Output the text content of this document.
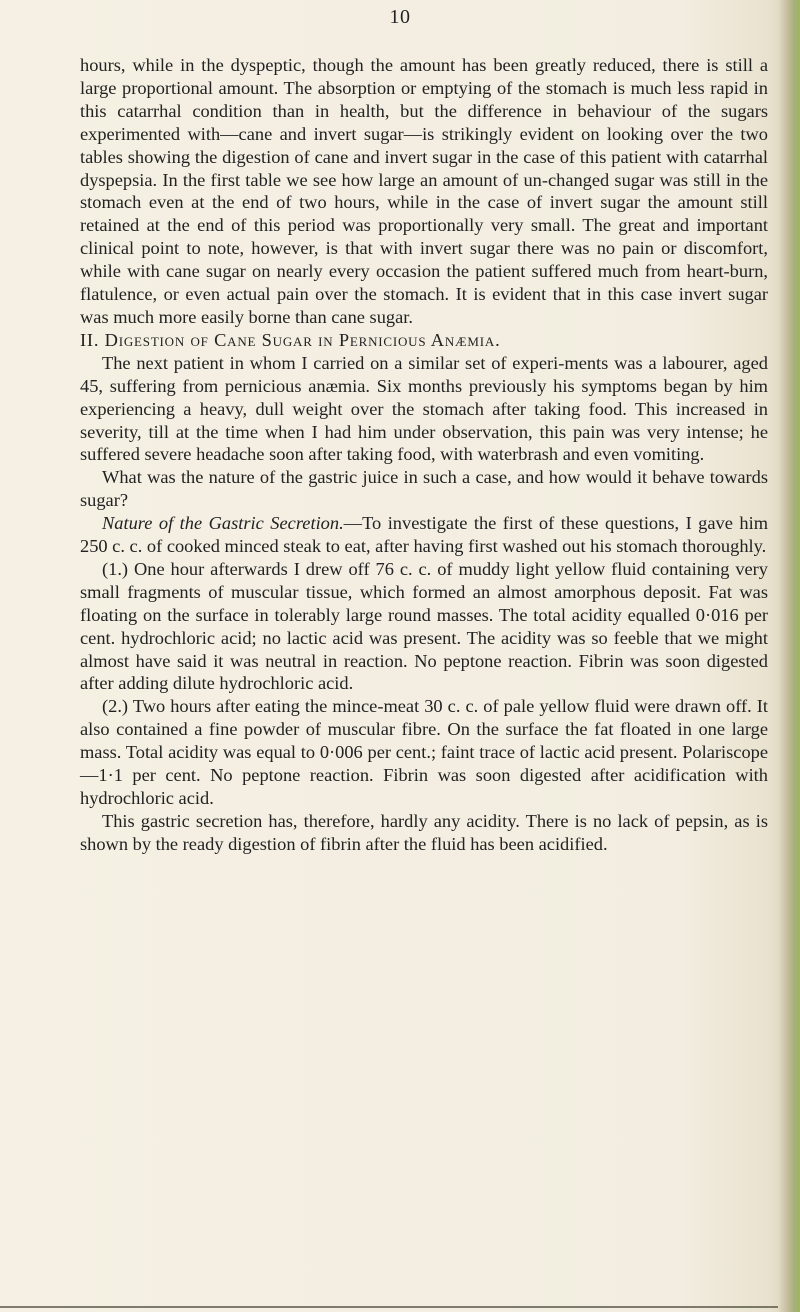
10

hours, while in the dyspeptic, though the amount has been greatly reduced, there is still a large proportional amount. The absorption or emptying of the stomach is much less rapid in this catarrhal condition than in health, but the difference in behaviour of the sugars experimented with—cane and invert sugar—is strikingly evident on looking over the two tables showing the digestion of cane and invert sugar in the case of this patient with catarrhal dyspepsia. In the first table we see how large an amount of un-changed sugar was still in the stomach even at the end of two hours, while in the case of invert sugar the amount still retained at the end of this period was proportionally very small. The great and important clinical point to note, however, is that with invert sugar there was no pain or discomfort, while with cane sugar on nearly every occasion the patient suffered much from heart-burn, flatulence, or even actual pain over the stomach. It is evident that in this case invert sugar was much more easily borne than cane sugar.

II. Digestion of Cane Sugar in Pernicious Anæmia.

The next patient in whom I carried on a similar set of experi-ments was a labourer, aged 45, suffering from pernicious anæmia. Six months previously his symptoms began by him experiencing a heavy, dull weight over the stomach after taking food. This increased in severity, till at the time when I had him under observation, this pain was very intense; he suffered severe headache soon after taking food, with waterbrash and even vomiting.

What was the nature of the gastric juice in such a case, and how would it behave towards sugar?

Nature of the Gastric Secretion.—To investigate the first of these questions, I gave him 250 c. c. of cooked minced steak to eat, after having first washed out his stomach thoroughly.

(1.) One hour afterwards I drew off 76 c. c. of muddy light yellow fluid containing very small fragments of muscular tissue, which formed an almost amorphous deposit. Fat was floating on the surface in tolerably large round masses. The total acidity equalled 0·016 per cent. hydrochloric acid; no lactic acid was present. The acidity was so feeble that we might almost have said it was neutral in reaction. No peptone reaction. Fibrin was soon digested after adding dilute hydrochloric acid.

(2.) Two hours after eating the mince-meat 30 c. c. of pale yellow fluid were drawn off. It also contained a fine powder of muscular fibre. On the surface the fat floated in one large mass. Total acidity was equal to 0·006 per cent.; faint trace of lactic acid present. Polariscope —1·1 per cent. No peptone reaction. Fibrin was soon digested after acidification with hydrochloric acid.

This gastric secretion has, therefore, hardly any acidity. There is no lack of pepsin, as is shown by the ready digestion of fibrin after the fluid has been acidified.
